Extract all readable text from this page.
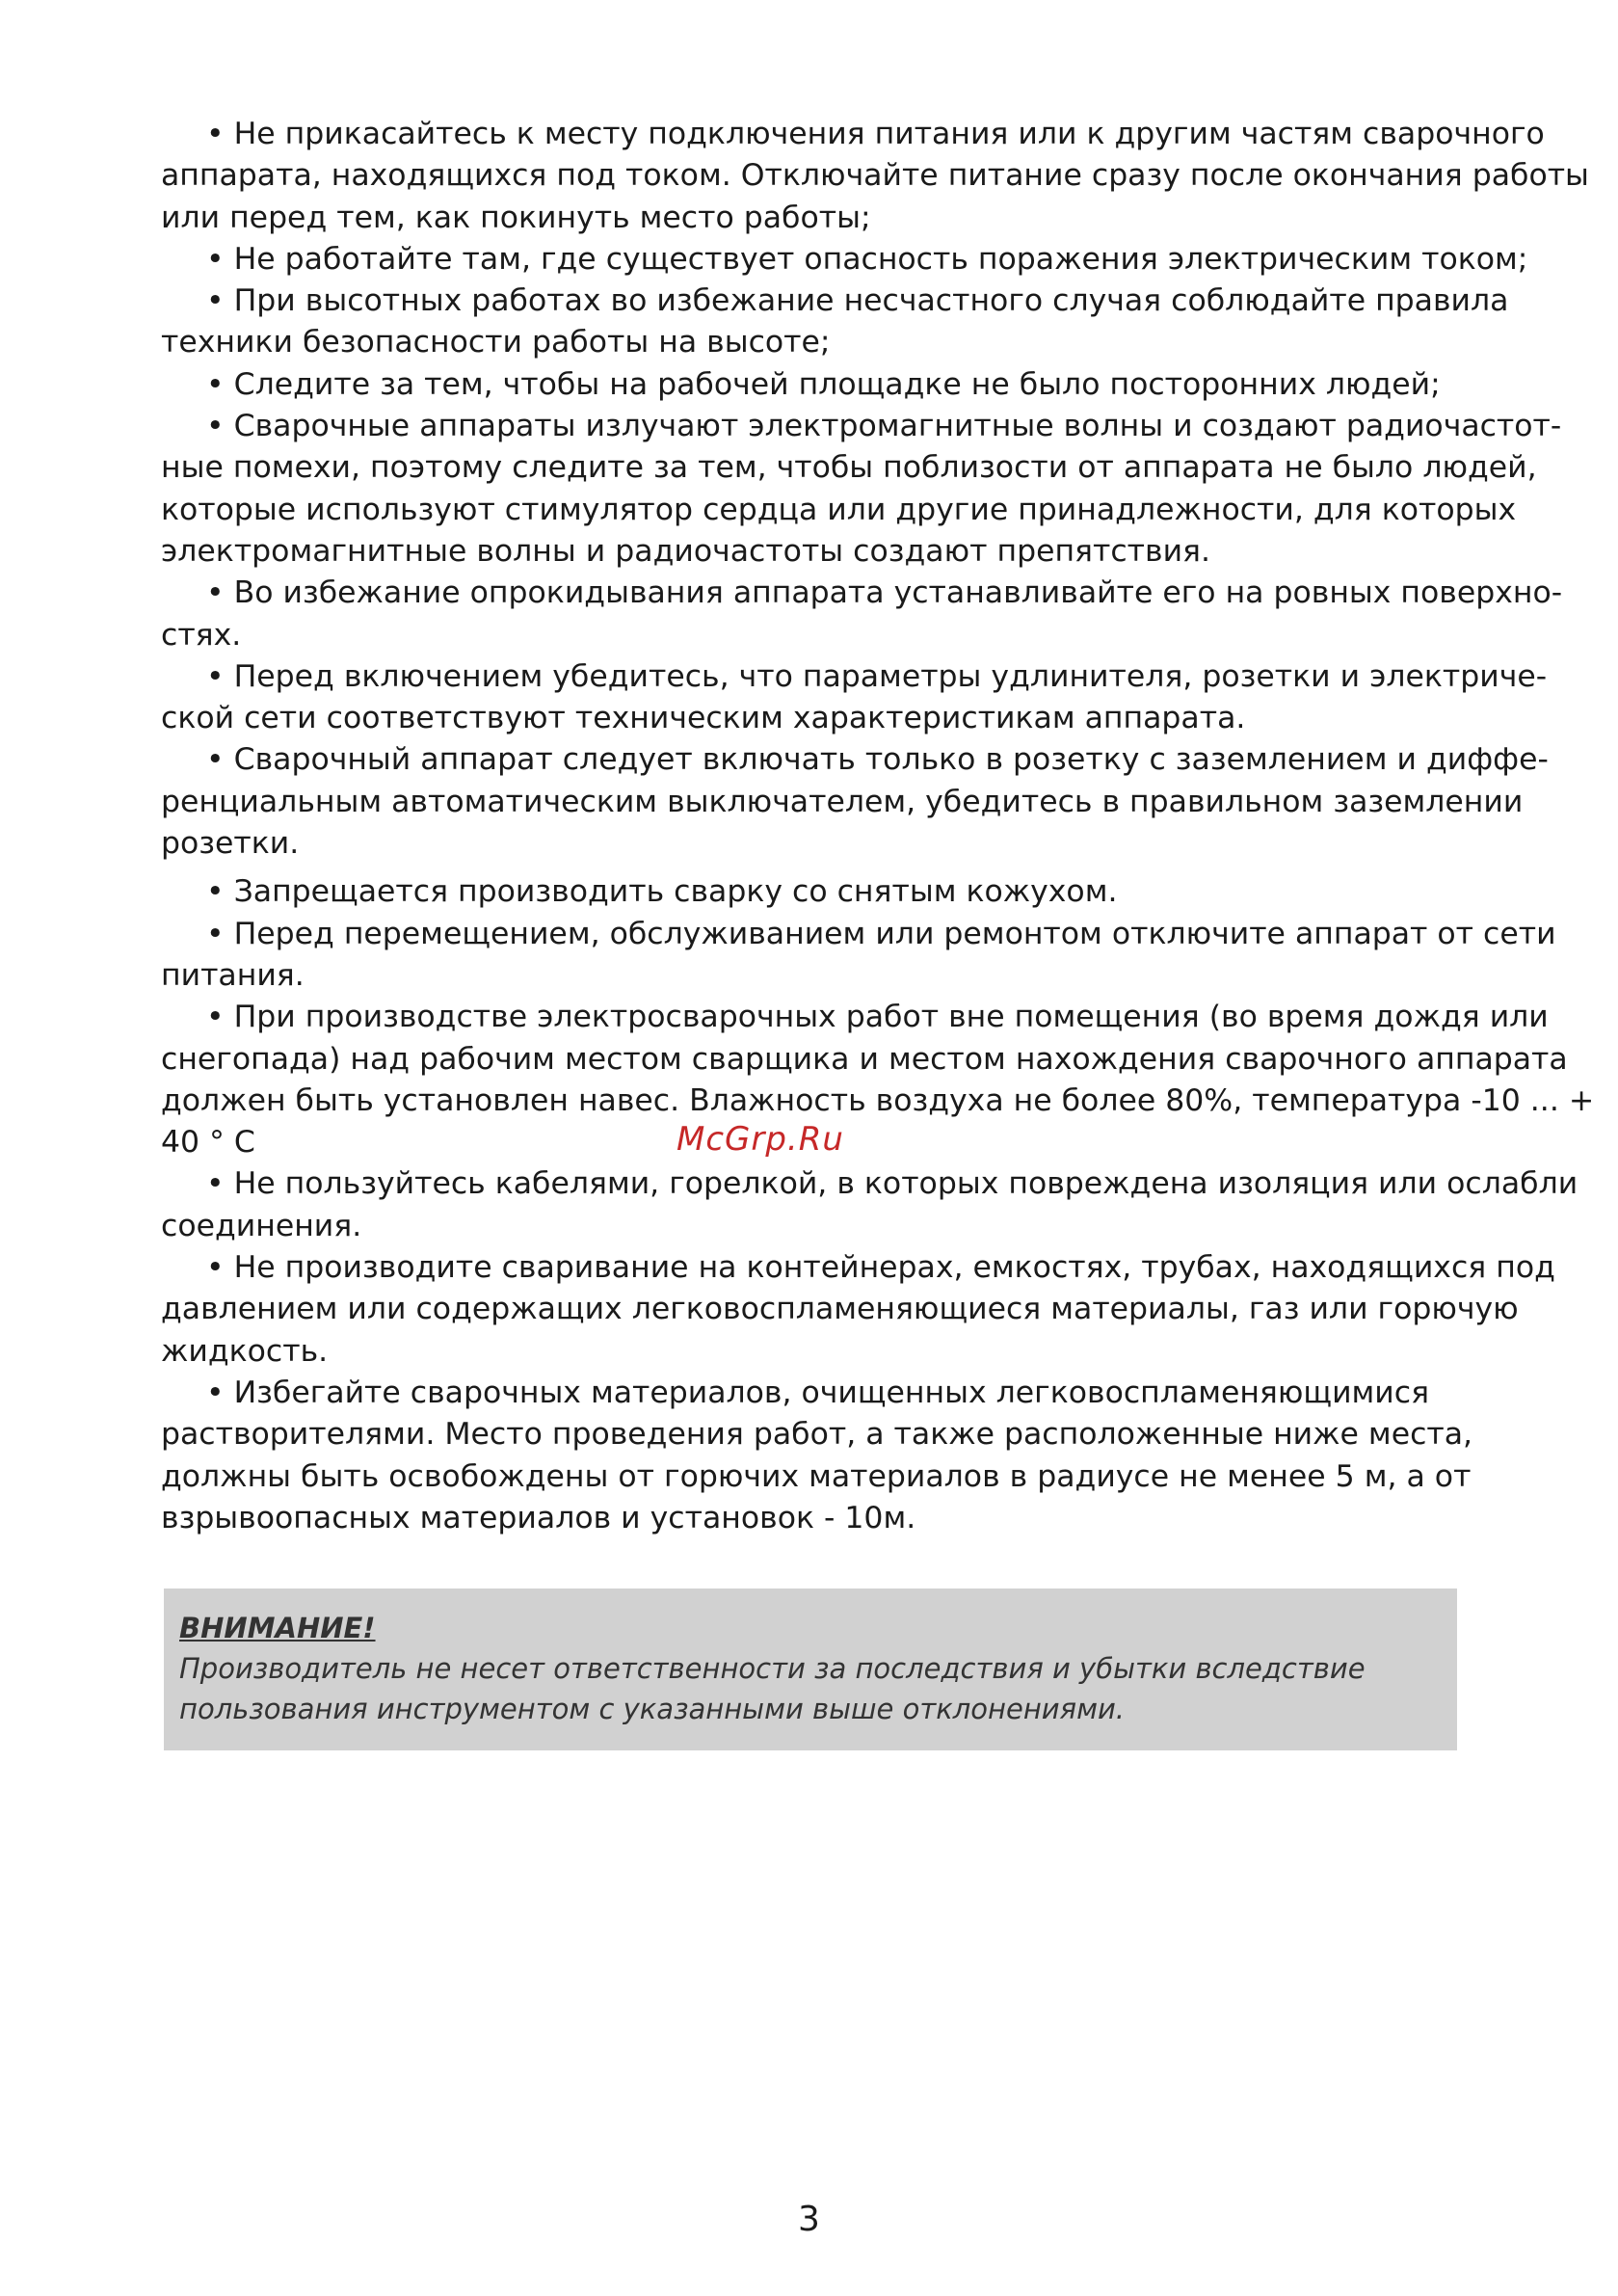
• Не прикасайтесь к месту подключения питания или к другим частям сварочного
аппарата, находящихся под током. Отключайте питание сразу после окончания работы
или перед тем, как покинуть место работы;
• Не работайте там, где существует опасность поражения электрическим током;
• При высотных работах во избежание несчастного случая соблюдайте правила
техники безопасности работы на высоте;
• Следите за тем, чтобы на рабочей площадке не было посторонних людей;
• Сварочные аппараты излучают электромагнитные волны и создают радиочастот-
ные помехи, поэтому следите за тем, чтобы поблизости от аппарата не было людей,
которые используют стимулятор сердца или другие принадлежности, для которых
электромагнитные волны и радиочастоты создают препятствия.
• Во избежание опрокидывания аппарата устанавливайте его на ровных поверхно-
стях.
• Перед включением убедитесь, что параметры удлинителя, розетки и электриче-
ской сети соответствуют техническим характеристикам аппарата.
• Сварочный аппарат следует включать только в розетку с заземлением и диффе-
ренциальным автоматическим выключателем, убедитесь в правильном заземлении
розетки.
• Запрещается производить сварку со снятым кожухом.
• Перед перемещением, обслуживанием или ремонтом отключите аппарат от сети
питания.
• При производстве электросварочных работ вне помещения (во время дождя или
снегопада) над рабочим местом сварщика и местом нахождения сварочного аппарата
должен быть установлен навес. Влажность воздуха не более 80%, температура -10 ... +
40 ° С
• Не пользуйтесь кабелями, горелкой, в которых повреждена изоляция или ослабли
соединения.
• Не производите сваривание на контейнерах, емкостях, трубах, находящихся под
давлением или содержащих легковоспламеняющиеся материалы, газ или горючую
жидкость.
• Избегайте сварочных материалов, очищенных легковоспламеняющимися
растворителями. Место проведения работ, а также расположенные ниже места,
должны быть освобождены от горючих материалов в радиусе не менее 5 м, а от
взрывоопасных материалов и установок - 10м.
McGrp.Ru
ВНИМАНИЕ!
Производитель не несет ответственности за последствия и убытки вследствие
пользования инструментом с указанными выше отклонениями.
3
